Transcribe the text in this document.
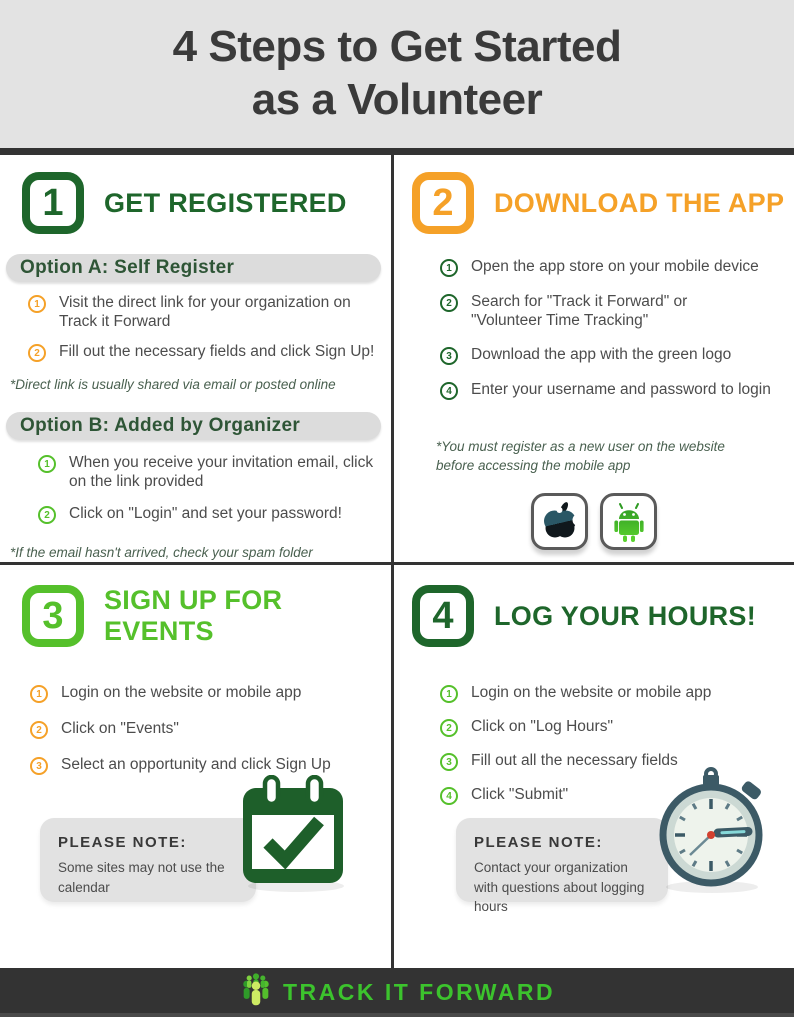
4 Steps to Get Started
as a Volunteer
1	GET REGISTERED
Option A: Self Register
1	Visit the direct link for your organization on Track it Forward
2	Fill out the necessary fields and click Sign Up!
*Direct link is usually shared via email or posted online
Option B: Added by Organizer
1	When you receive your invitation email, click on the link provided
2	Click on "Login" and set your password!
*If the email hasn't arrived, check your spam folder
2	DOWNLOAD THE APP
1	Open the app store on your mobile device
2	Search for "Track it Forward" or "Volunteer Time Tracking"
3	Download the app with the green logo
4	Enter your username and password to login
*You must register as a new user on the website before accessing the mobile app
3	SIGN UP FOR EVENTS
1	Login on the website or mobile app
2	Click on "Events"
3	Select an opportunity and click Sign Up
PLEASE NOTE:
Some sites may not use the calendar
4	LOG YOUR HOURS!
1	Login on the website or mobile app
2	Click on "Log Hours"
3	Fill out all the necessary fields
4	Click "Submit"
PLEASE NOTE:
Contact your organization with questions about logging hours
TRACK IT FORWARD
